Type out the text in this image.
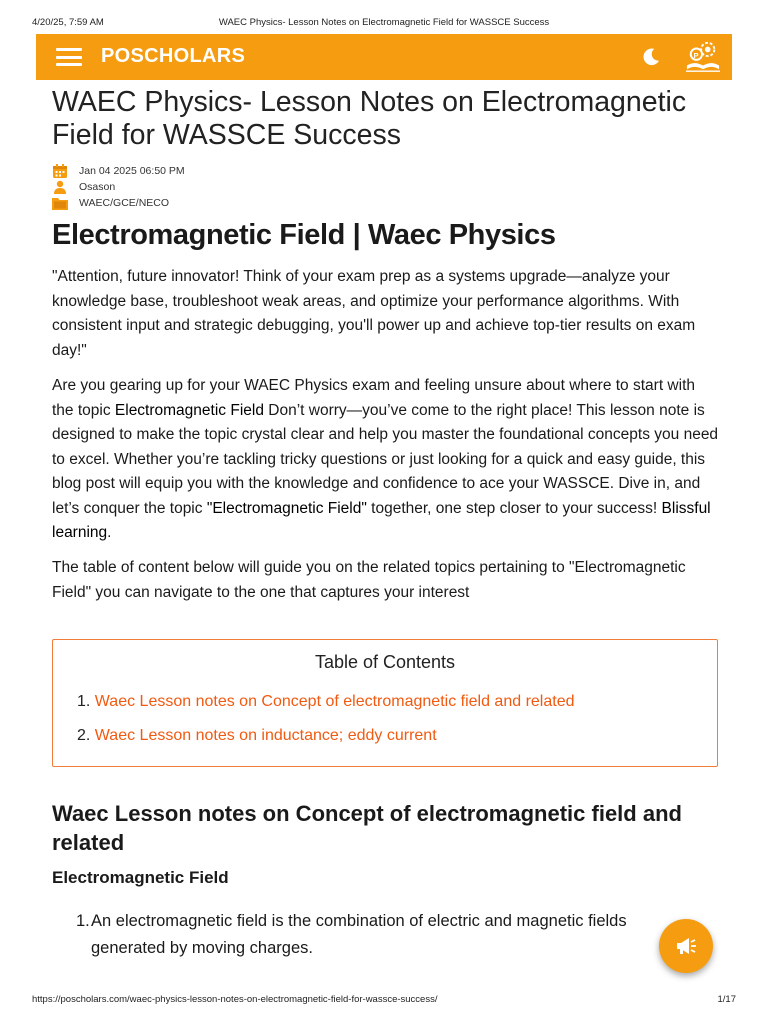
4/20/25, 7:59 AM	WAEC Physics- Lesson Notes on Electromagnetic Field for WASSCE Success
POSCHOLARS	P
WAEC Physics- Lesson Notes on Electromagnetic Field for WASSCE Success
Jan 04 2025 06:50 PM
Osason
WAEC/GCE/NECO
Electromagnetic Field | Waec Physics

"Attention, future innovator! Think of your exam prep as a systems upgrade—analyze your knowledge base, troubleshoot weak areas, and optimize your performance algorithms. With consistent input and strategic debugging, you'll power up and achieve top-tier results on exam day!"

Are you gearing up for your WAEC Physics exam and feeling unsure about where to start with the topic Electromagnetic Field Don’t worry—you’ve come to the right place! This lesson note is designed to make the topic crystal clear and help you master the foundational concepts you need to excel. Whether you’re tackling tricky questions or just looking for a quick and easy guide, this blog post will equip you with the knowledge and confidence to ace your WASSCE. Dive in, and let’s conquer the topic "Electromagnetic Field" together, one step closer to your success! Blissful learning.

The table of content below will guide you on the related topics pertaining to "Electromagnetic Field" you can navigate to the one that captures your interest

Table of Contents
1. Waec Lesson notes on Concept of electromagnetic field and related
2. Waec Lesson notes on inductance; eddy current
Waec Lesson notes on Concept of electromagnetic field and related
Electromagnetic Field
1. An electromagnetic field is the combination of electric and magnetic fields generated by moving charges.
https://poscholars.com/waec-physics-lesson-notes-on-electromagnetic-field-for-wassce-success/	1/17
